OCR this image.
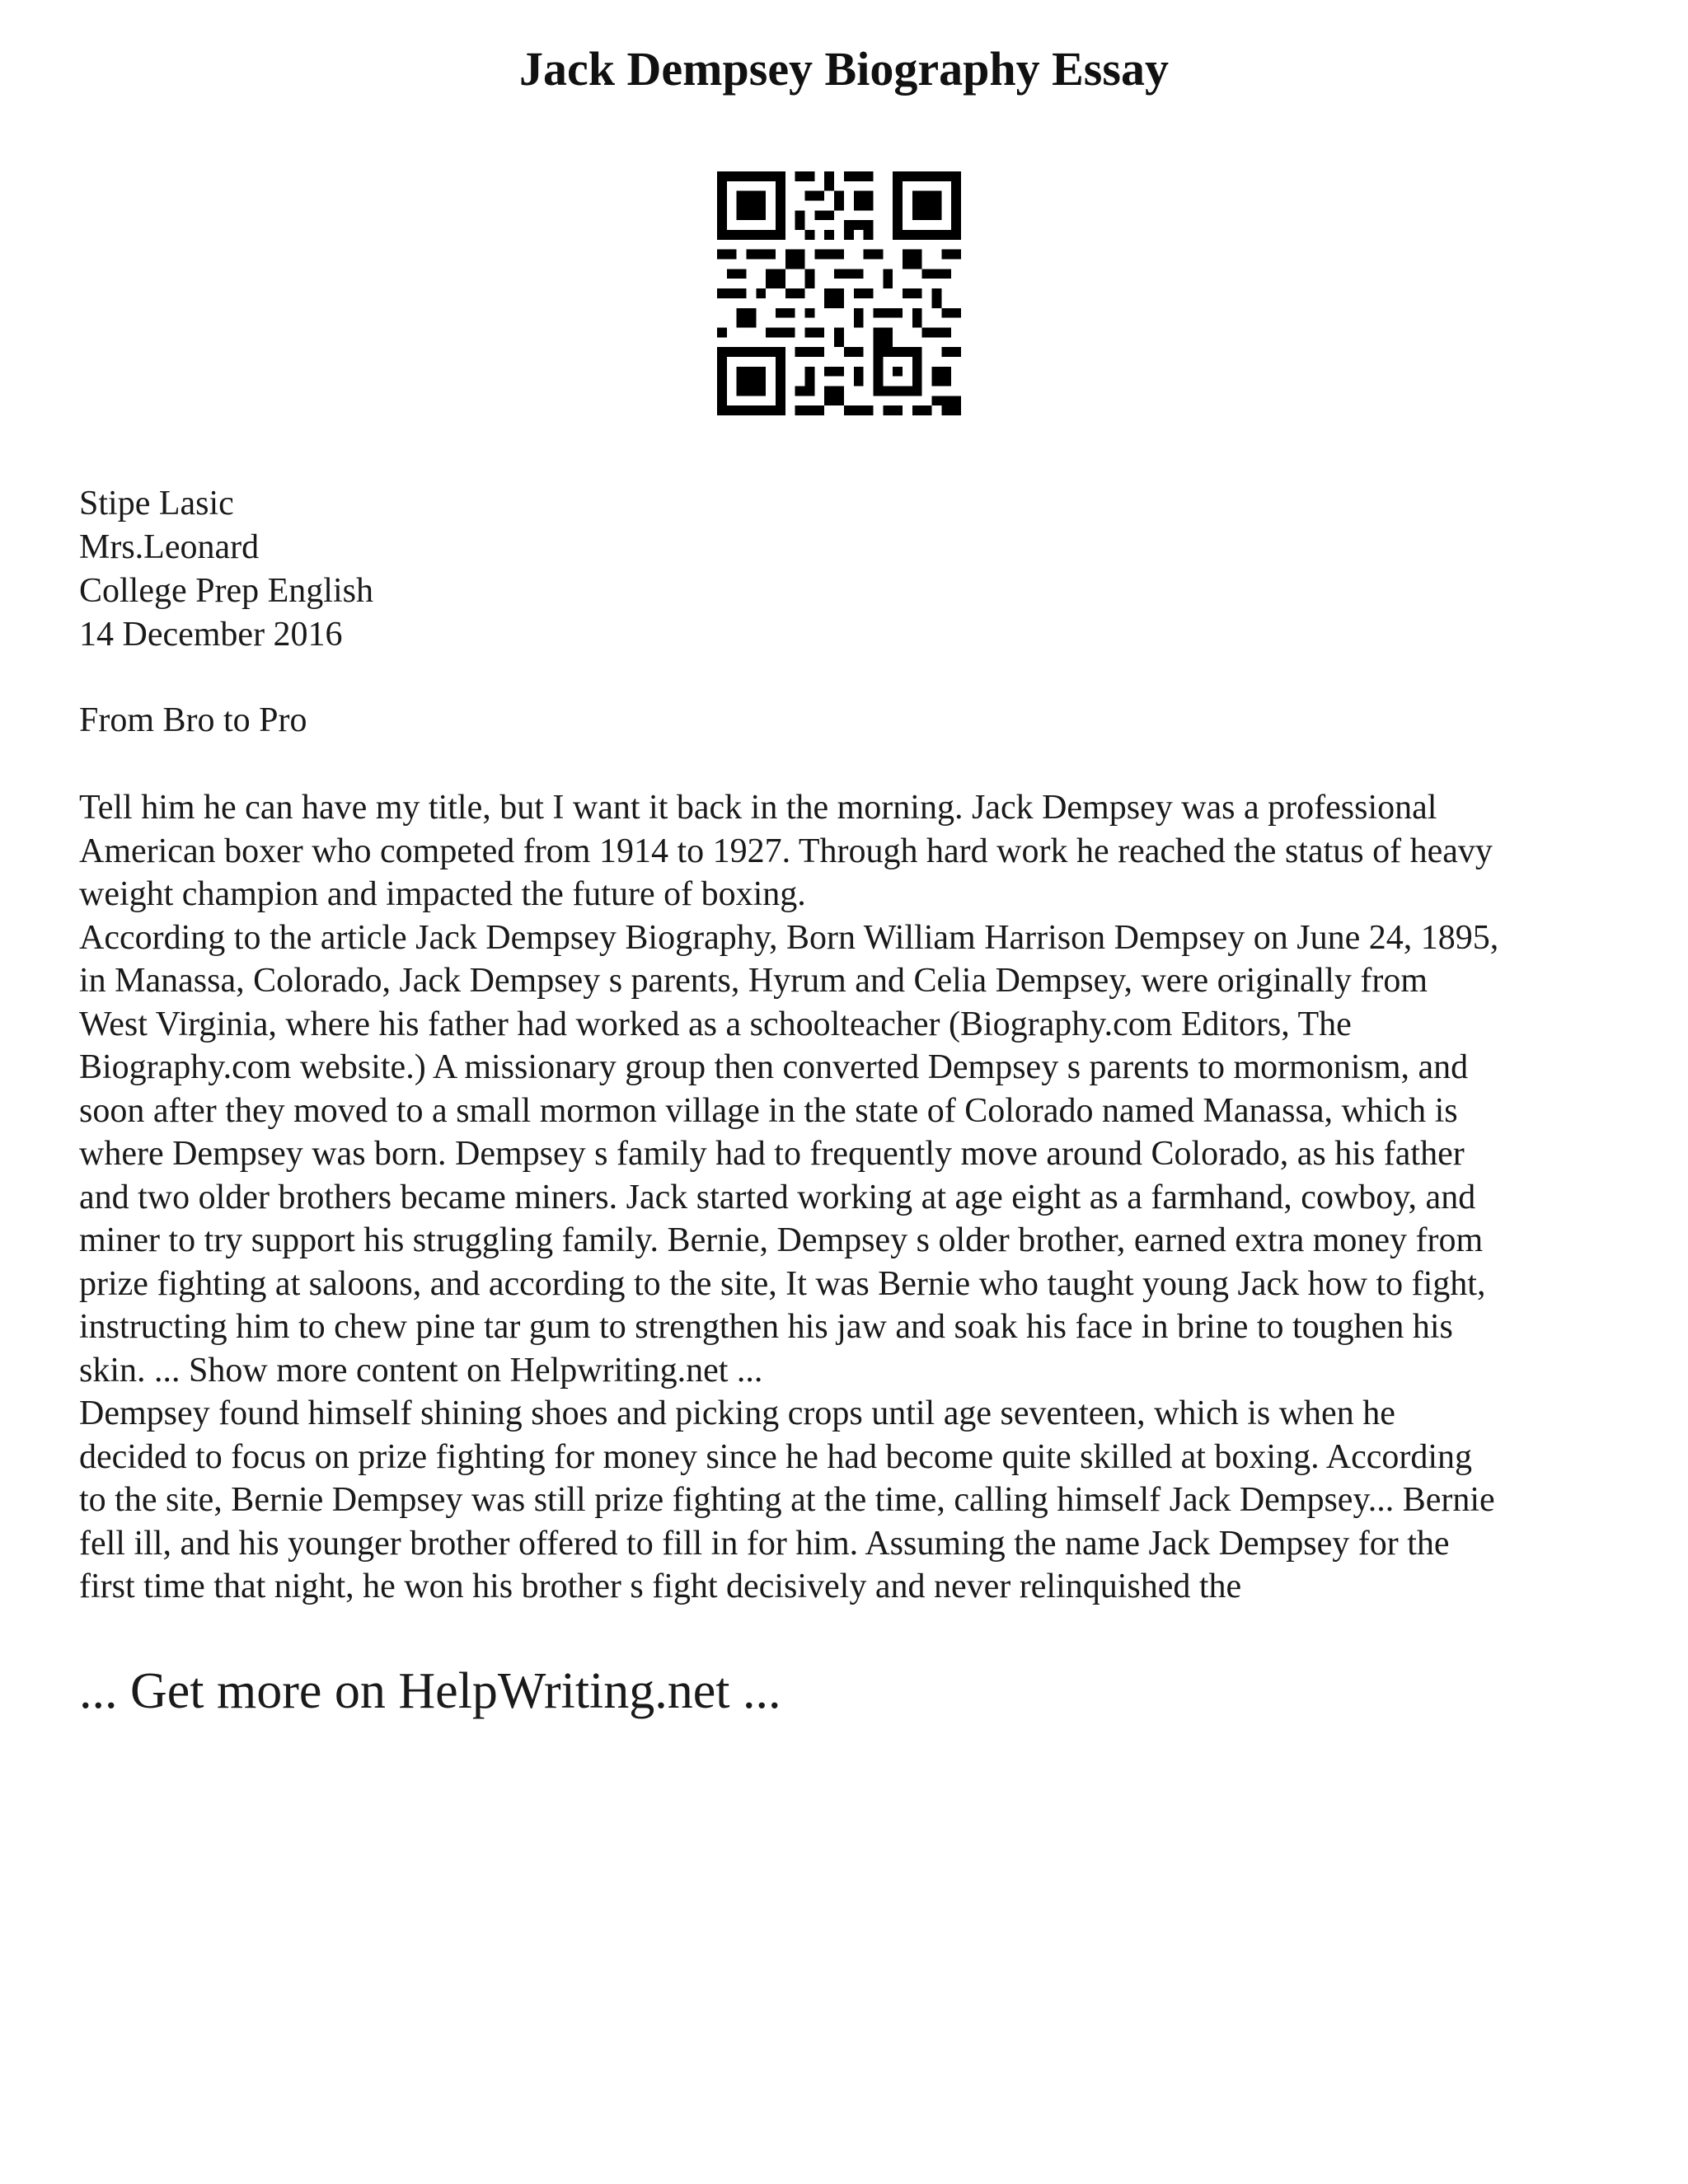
Jack Dempsey Biography Essay
Stipe Lasic
Mrs.Leonard
College Prep English
14 December 2016
From Bro to Pro

Tell him he can have my title, but I want it back in the morning. Jack Dempsey was a professional
American boxer who competed from 1914 to 1927. Through hard work he reached the status of heavy
weight champion and impacted the future of boxing.

According to the article Jack Dempsey Biography, Born William Harrison Dempsey on June 24, 1895,
in Manassa, Colorado, Jack Dempsey s parents, Hyrum and Celia Dempsey, were originally from
West Virginia, where his father had worked as a schoolteacher (Biography.com Editors, The
Biography.com website.) A missionary group then converted Dempsey s parents to mormonism, and
soon after they moved to a small mormon village in the state of Colorado named Manassa, which is
where Dempsey was born. Dempsey s family had to frequently move around Colorado, as his father
and two older brothers became miners. Jack started working at age eight as a farmhand, cowboy, and
miner to try support his struggling family. Bernie, Dempsey s older brother, earned extra money from
prize fighting at saloons, and according to the site, It was Bernie who taught young Jack how to fight,
instructing him to chew pine tar gum to strengthen his jaw and soak his face in brine to toughen his
skin. ... Show more content on Helpwriting.net ...

Dempsey found himself shining shoes and picking crops until age seventeen, which is when he
decided to focus on prize fighting for money since he had become quite skilled at boxing. According
to the site, Bernie Dempsey was still prize fighting at the time, calling himself Jack Dempsey... Bernie
fell ill, and his younger brother offered to fill in for him. Assuming the name Jack Dempsey for the
first time that night, he won his brother s fight decisively and never relinquished the

... Get more on HelpWriting.net ...
